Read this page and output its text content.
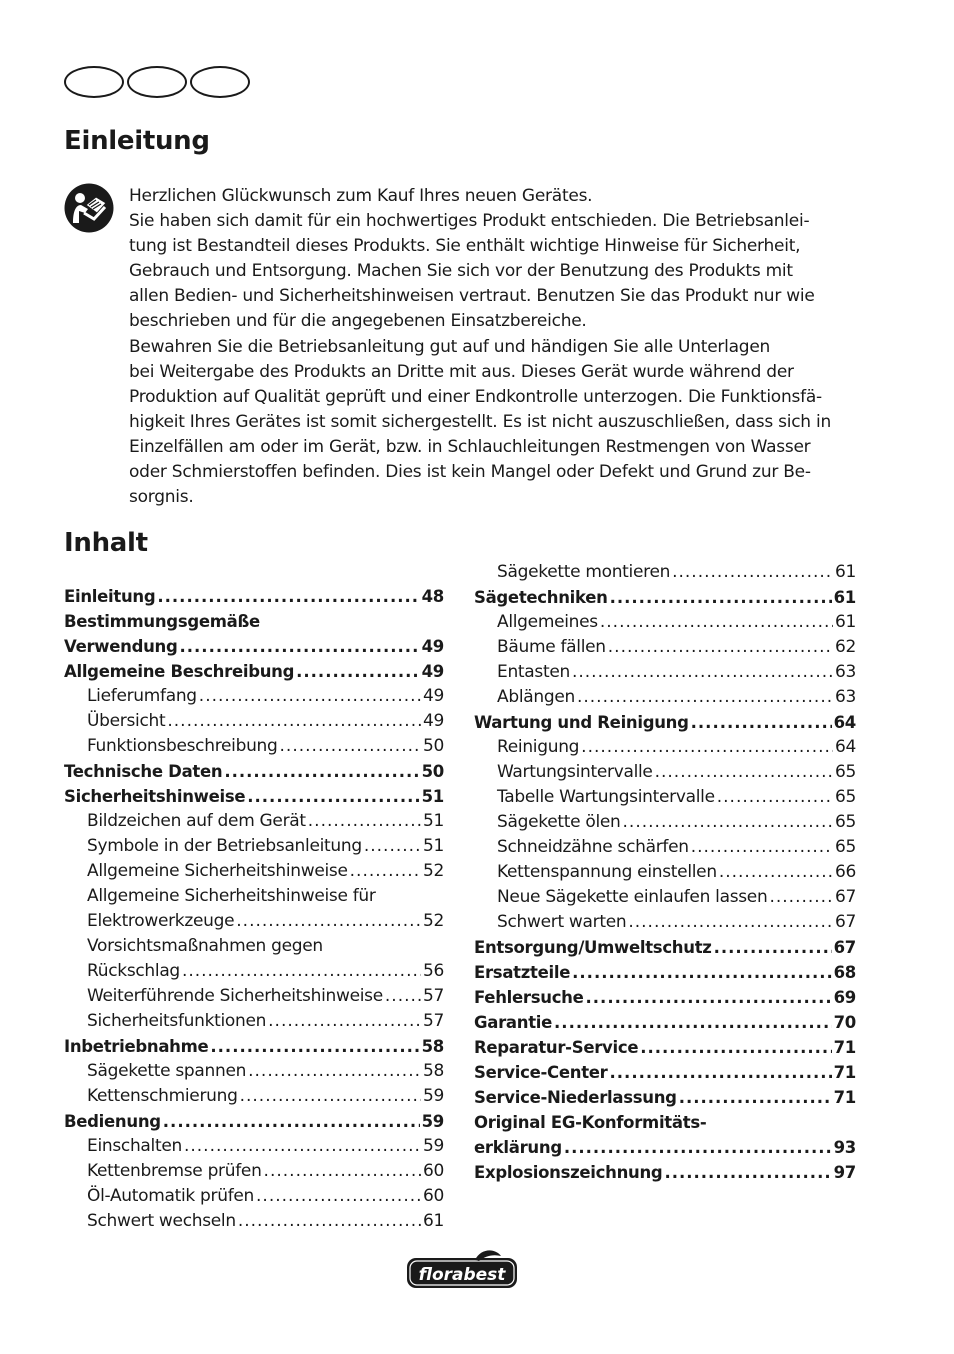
Einleitung

Herzlichen Glückwunsch zum Kauf Ihres neuen Gerätes.

Sie haben sich damit für ein hochwertiges Produkt entschieden. Die Betriebsanlei-

tung ist Bestandteil dieses Produkts. Sie enthält wichtige Hinweise für Sicherheit,

Gebrauch und Entsorgung. Machen Sie sich vor der Benutzung des Produkts mit

allen Bedien- und Sicherheitshinweisen vertraut. Benutzen Sie das Produkt nur wie

beschrieben und für die angegebenen Einsatzbereiche.

Bewahren Sie die Betriebsanleitung gut auf und händigen Sie alle Unterlagen

bei Weitergabe des Produkts an Dritte mit aus. Dieses Gerät wurde während der

Produktion auf Qualität geprüft und einer Endkontrolle unterzogen. Die Funktionsfä-

higkeit Ihres Gerätes ist somit sichergestellt. Es ist nicht auszuschließen, dass sich in

Einzelfällen am oder im Gerät, bzw. in Schlauchleitungen Restmengen von Wasser

oder Schmierstoffen befinden. Dies ist kein Mangel oder Defekt und Grund zur Be-

sorgnis.

Inhalt
Einleitung .....	48
Bestimmungsgemäße
Verwendung .....	49
Allgemeine Beschreibung .....	49
Lieferumfang .....	49
Übersicht .....	49
Funktionsbeschreibung .....	50
Technische Daten .....	50
Sicherheitshinweise .....	51
Bildzeichen auf dem Gerät .....	51
Symbole in der Betriebsanleitung .....	51
Allgemeine Sicherheitshinweise .....	52
Allgemeine Sicherheitshinweise für
Elektrowerkzeuge .....	52
Vorsichtsmaßnahmen gegen
Rückschlag .....	56
Weiterführende Sicherheitshinweise ..... 57
Sicherheitsfunktionen .....	57
Inbetriebnahme .....	58
Sägekette spannen .....	58
Kettenschmierung .....	59
Bedienung .....	59
Einschalten .....	59
Kettenbremse prüfen .....	60
Öl-Automatik prüfen .....	60
Schwert wechseln .....	61
Sägekette montieren .....	61
Sägetechniken .....	61
Allgemeines .....	61
Bäume fällen .....	62
Entasten .....	63
Ablängen .....	63
Wartung und Reinigung .....	64
Reinigung .....	64
Wartungsintervalle .....	65
Tabelle Wartungsintervalle .....	65
Sägekette ölen .....	65
Schneidzähne schärfen .....	65
Kettenspannung einstellen .....	66
Neue Sägekette einlaufen lassen .....	67
Schwert warten .....	67
Entsorgung/Umweltschutz .....	67
Ersatzteile .....	68
Fehlersuche .....	69
Garantie .....	70
Reparatur-Service .....	71
Service-Center .....	71
Service-Niederlassung .....	71
Original EG-Konformitäts-
erklärung .....	93
Explosionszeichnung .....	97
florabest
